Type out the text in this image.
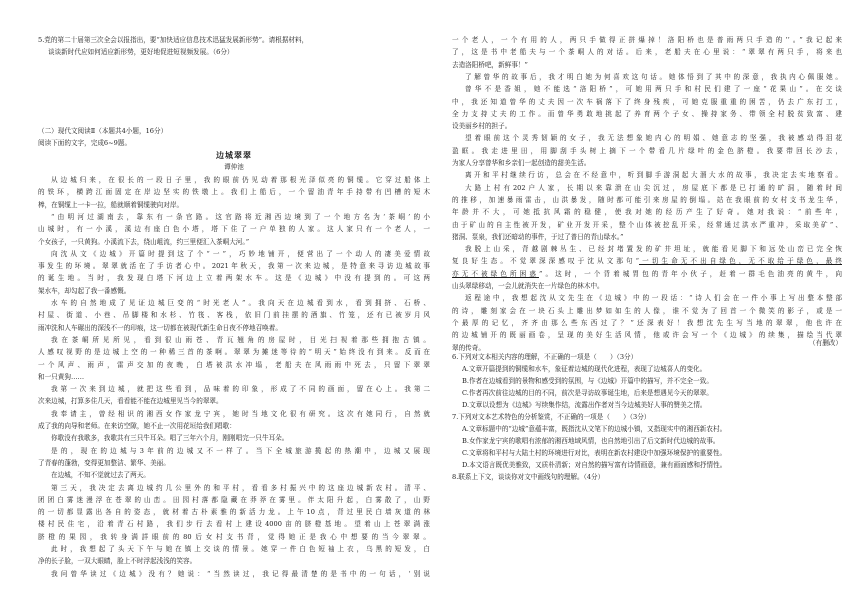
5.党的第二十届第三次全会以报指出，要“加快适应信息技术迅猛发展新形势”。请根据材料，
谈谈新时代应如何适应新形势，更好地促进短视频发展。（6分）
（二）现代文阅读Ⅱ（本题共4小题，16分）
阅读下面的文字，完成6~9题。
边城翠翠
谭仲池
从边城归来，在很长的一段日子里，我的眼前仍见动着那根光泽似亮的铜缆。它穿过船体上
的铁环，横跨江面固定在岸边坚实的铁墩上。我们上船后，一个留油青年手持带有凹槽的短木
棒，在铜缆上一卡一拉，船就顺着铜缆驶向对岸。
“由明河过湖南去，靠东有一条官路。这官路将近湘西边境到了一个地方名为‘茶峒’的小
山城时，有一小溪，溪边有座白色小塔，塔下住了一户单独的人家。这人家只有一个老人，一
个女孩子，一只黄狗。小溪流下去，绕山岨流，约三里便汇入茶峒大河。”
向沈从文《边城》开篇时提到这了个“一”，巧妙地铺开，便营出了一个动人的凄美爱情故
事发生的环境。翠翠就活在了手访者心中。2021年秋天，我第一次来边城，是特意来寻访边城故事
的诞生地。当时，我发现白塔下河边上立着两架水车。这是《边城》中没有提到的。可这两
架水车，却勾起了我一番感慨。
水车的自然地成了见证边城巨变的“时光老人”。我向天在边城看到水，看到拥挤、石桥、
村屋、街道、小巷、吊脚楼和水杉、竹筏、客栈，依旧门前挂摆的酒旗、竹笼，还有已被岁月风
雨冲洗和人车碾出的深浅不一的印痕，这一切都在被现代新生命日夜不停地召唤着。
我在茶峒所见所见，看到很山雨苍、青瓦翘角的房屋时，目光扫视着那些拥抱古镇。
人感叹视野的是边城上空的一种稀三首的茶啊。翠翠为摊迷等待的“明天”始终没有到来。反而在
一个风声、雨声，雷声交加的夜晚，白塔被洪水冲塌，老船夫在风雨雨中死去，只留下翠翠
和一只黄狗……
我第一次来到边城，就把这些看到，品味着的印象，形成了不同的画面，留在心上。我第二
次来边城，打算多住几天，看看能不能在边城里见当今的翠翠。
我奉请主，曾经相识的湘西女作家龙宁宾，她时当地文化很有研究。这次有她同行，自然就
成了我的向导和老师。在来访空隙，她不止一次用花垣给我们唱歌：
你歌没有我歌多，我歌共有三只牛耳朵。唱了三年六个月，刚刚唱完一只牛耳朵。
是的，现在的边城与3年前的边城又不一样了。当下全城旅游揽起的热潮中，边城又展现
了青春的蓬勃，变得更加整洁、繁华、美丽。
在边城，不知不觉就过去了两天。
第三天，我决定去离边城约几公里外的和平村，看看多村振兴中的这座边城新农村。清平、
团团白雾迷漫浮在苍翠的山峦。田园村落都隐藏在莽莽在雾里。伴太阳升起，白雾散了，山野
的一切都显露出各自的姿态，就材着古朴素雅的新活力龙。上午10点，背过里民白墙灰道的林
楼村民住宅，沿着青石村路，我们步行去看村上建设4000亩的脐橙基地。望着山上苍翠满涨
脐橙的果园，我转身满詳眼前的80后女村支书背，觉得她正是我心中想要的当今翠翠。
此时，我想起了头天下午与她在镇上交谈的情景。她穿一件白色短袖上衣，乌黑的短发，白
净的长子脸，一双大眼睛，脸上不时浮起浅浅的笑容。
我问曾华读过《边城》没有？她说：“当然读过，我记得最清楚的是书中的一句话，‘别说
一个老人，一个有用的人，两只手做得正拼爆掉！洛阳桥也是普雨两只手造的’’。”我记起来
了，这是书中老船夫与一个茶峒人的对话。后来，老船夫在心里说：“翠翠有两只手，将来也
去造洛阳桥吧，新鲜事！”
了解曾华的故事后，我才明白她为何喜欢这句话。她体悟到了其中的深意，我执内心佩服她。
曾华不是香姐，她不能选“洛阳桥”，可她用两只手和村民们建了一座“花果山”。在交谈
中，我还知道曾华的丈夫因一次车祸落下了终身残疾，可她克服重重的困苦，仍去广东打工，
全力支持丈夫的工作。而曾华勇敢地挑起了养育两个子女、操持家务、带领全村脱贫致富、建
设美丽乡村的担子。
望着眼前这个灵秀韧颖的女子，我无法想象她内心的明娟、她意志的坚强，我被感动得泪花
盈眶。我走进里田，用脚刮手头树上摘下一个带看几片绿叶的金色脐橙。我要带回长沙去，
为家人分享曾华和乡亲们一起创造的甜美生活。
离开和平村继续行访，总会在不经意中，听到脚手游洞起大溜大水的故事，我决定去实地察看。
大路上村有202户人家，长期以来靠溃在山尖沉过，房屋底下都是已打通的旷洞，随着时间
的推移，加速暴雨雷击，山洪暴发，随时都可能引来房屋的倒塌。站在我眼前的女村支书龙生华，
年龄并不大，可她抵抗风霜的稳健，使我对她的经历产生了好奇。她对我说：“前些年，
由于矿山的自主性被开发，矿业开发开采，整个山体被挖乱开采，经常通过洪水严重冲，采取美矿”、
猪洞、泵泉，我们还暗动的事件，于过了普日的青山绿水。”
我脱上山采，背越剧棘丛生、已经封堵置发的矿井坦址，就能看见脚下和远处山峦已完全恢
复良好生态。不觉翠深深感叹于沈从文那句“一切生命无不出自绿色，无不取给于绿色，最终
亦无不被绿色所困惑”。这时，一个背着城胃包的青年小伙子，赶着一群毛色油亮的黄牛，向
山头翠绿移动，一会儿就消失在一片绿色的林木中。
返程途中，我想起沈从文先生在《边城》中的一段话：“诗人们会在一件小事上写出整本整部
的诗，雕刻家会在一块石头上雕出梦如如生的人像，谁不觉为了回首一个微笑的影子，或是一
个最厚的记忆，齐齐由那么些东西过了？”还深表好！我想沈先生写当地的翠翠，他也许在
的边城铺开的既丽画卷，呈现的美好生活风情，他或许会写一个《边城》的续集，描绘当代翠
翠的传奇。
（有删改）
6.下列对文本相关内容的理解，不正确的一项是（　　）（3分）
A.文章开篇提到的铜缆和水车，象征着边城的现代化进程，表现了边城喜人的变化。
B.作者在边城看到的景物和感受到的氛围，与《边城》开篇中的描写，并不完全一致。
C.作者再次前往边城的目的不同，前次是寻访故事诞生地，后来是想遇见今天的翠翠。
D.文章以设想为《边城》写续集作结，流露出作者对当今边城美好人事的赞美之情。
7.下列对文本艺术特色的分析鉴赏，不正确的一项是（　　）（3分）
A.文章标题中的“边城”意蕴丰富，既指沈从文笔下的边城小镇，又指现实中的湘西新农村。
B.女作家龙宁宾的歌唱有浓郁的湘西地域风情，也自然地引出了后文新时代边城的故事。
C.文章将和平村与大陆土村的环境进行对比，表明在新农村建设中加强环境保护的重要性。
D.本文语言既优美雅致，又质朴清新；对自然的描写富有诗情画意，兼有画面感和抒情性。
8.联系上下文，谈谈你对文中画线句的理解。（4分）
